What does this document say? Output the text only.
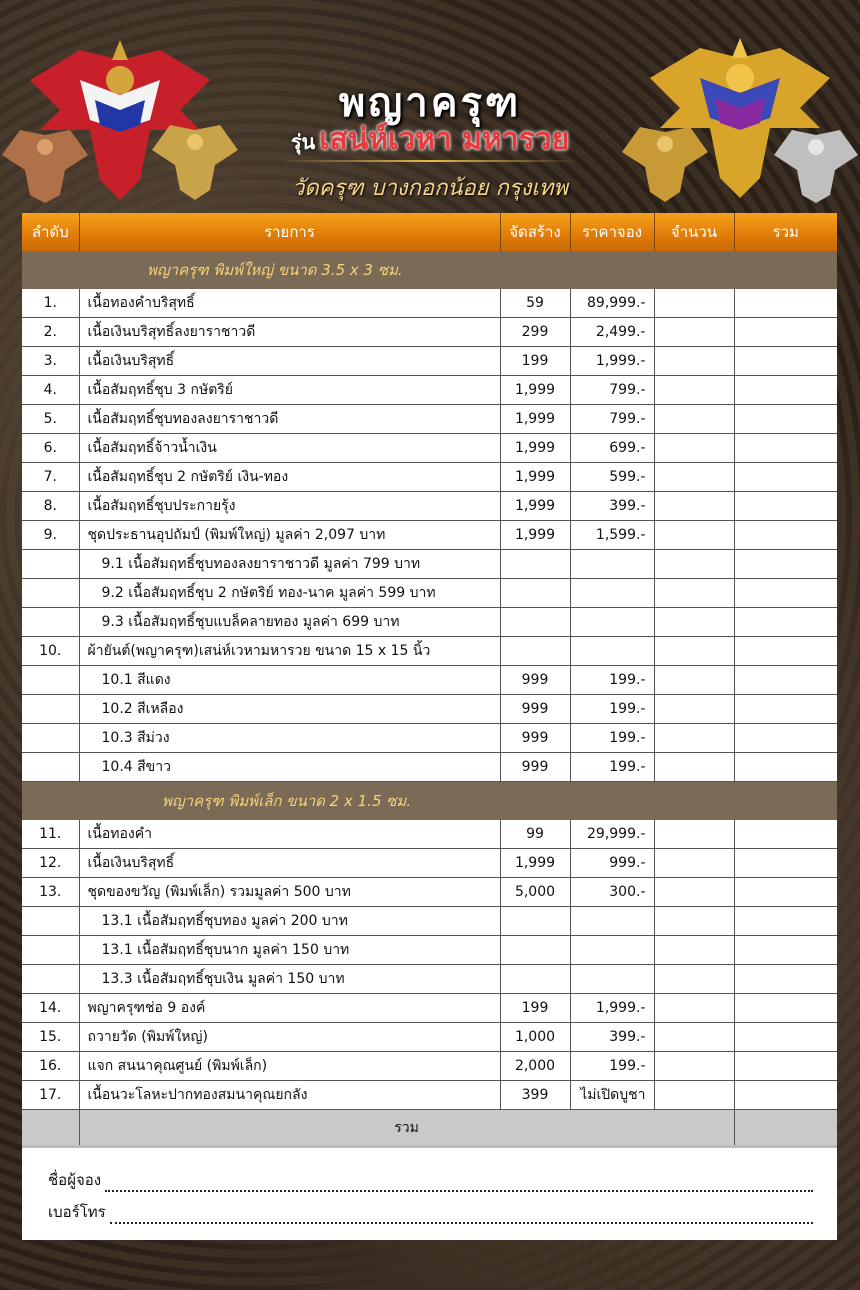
พญาครุฑ
รุ่น เสน่ห์เวหา มหารวย
วัดครุฑ บางกอกน้อย กรุงเทพ
ลำดับ	รายการ	จัดสร้าง	ราคาจอง	จำนวน	รวม
พญาครุฑ พิมพ์ใหญ่ ขนาด 3.5 x 3 ซม.					
1.	เนื้อทองคำบริสุทธิ์	59	89,999.-		
2.	เนื้อเงินบริสุทธิ์ลงยาราชาวดี	299	2,499.-		
3.	เนื้อเงินบริสุทธิ์	199	1,999.-		
4.	เนื้อสัมฤทธิ์ชุบ 3 กษัตริย์	1,999	799.-		
5.	เนื้อสัมฤทธิ์ชุบทองลงยาราชาวดี	1,999	799.-		
6.	เนื้อสัมฤทธิ์จ้าวน้ำเงิน	1,999	699.-		
7.	เนื้อสัมฤทธิ์ชุบ 2 กษัตริย์ เงิน-ทอง	1,999	599.-		
8.	เนื้อสัมฤทธิ์ชุบประกายรุ้ง	1,999	399.-		
9.	ชุดประธานอุปถัมป์ (พิมพ์ใหญ่) มูลค่า 2,097 บาท	1,999	1,599.-		
	9.1 เนื้อสัมฤทธิ์ชุบทองลงยาราชาวดี มูลค่า 799 บาท				
	9.2 เนื้อสัมฤทธิ์ชุบ 2 กษัตริย์ ทอง-นาค มูลค่า 599 บาท				
	9.3 เนื้อสัมฤทธิ์ชุบแบล็คลายทอง มูลค่า 699 บาท				
10.	ผ้ายันต์(พญาครุฑ)เสน่ห์เวหามหารวย ขนาด 15 x 15 นิ้ว				
	10.1 สีแดง	999	199.-		
	10.2 สีเหลือง	999	199.-		
	10.3 สีม่วง	999	199.-		
	10.4 สีขาว	999	199.-		
พญาครุฑ พิมพ์เล็ก ขนาด 2 x 1.5 ซม.					
11.	เนื้อทองคำ	99	29,999.-		
12.	เนื้อเงินบริสุทธิ์	1,999	999.-		
13.	ชุดของขวัญ (พิมพ์เล็ก) รวมมูลค่า 500 บาท	5,000	300.-		
	13.1 เนื้อสัมฤทธิ์ชุบทอง มูลค่า 200 บาท				
	13.1 เนื้อสัมฤทธิ์ชุบนาก มูลค่า 150 บาท				
	13.3 เนื้อสัมฤทธิ์ชุบเงิน มูลค่า 150 บาท				
14.	พญาครุฑช่อ 9 องค์	199	1,999.-		
15.	ถวายวัด (พิมพ์ใหญ่)	1,000	399.-		
16.	แจก สนนาคุณศูนย์ (พิมพ์เล็ก)	2,000	199.-		
17.	เนื้อนวะโลหะปากทองสมนาคุณยกลัง	399	ไม่เปิดบูชา		
	รวม				
ชื่อผู้จอง
เบอร์โทร
